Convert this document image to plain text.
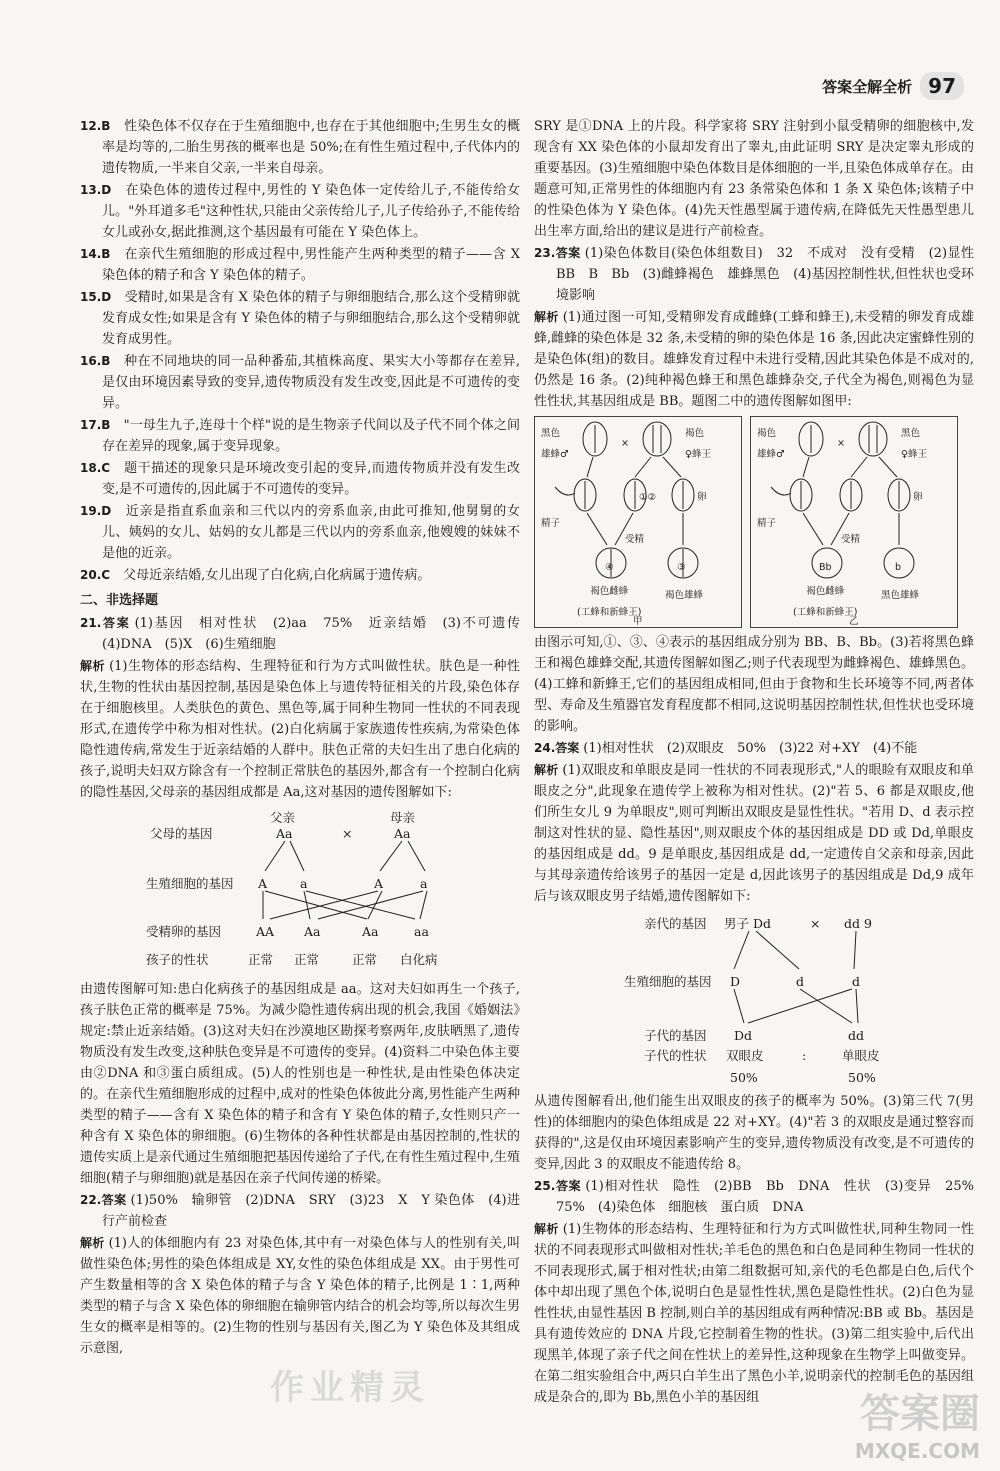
答案全解全析 97

12.B　 性染色体不仅存在于生殖细胞中,也存在于其他细胞中;生男生女的概率是均等的,二胎生男孩的概率也是 50%;在有性生殖过程中,子代体内的遗传物质,一半来自父亲,一半来自母亲。

13.D　 在染色体的遗传过程中,男性的 Y 染色体一定传给儿子,不能传给女儿。"外耳道多毛"这种性状,只能由父亲传给儿子,儿子传给孙子,不能传给女儿或孙女,据此推测,这个基因最有可能在 Y 染色体上。

14.B　 在亲代生殖细胞的形成过程中,男性能产生两种类型的精子——含 X 染色体的精子和含 Y 染色体的精子。

15.D　 受精时,如果是含有 X 染色体的精子与卵细胞结合,那么这个受精卵就发育成女性;如果是含有 Y 染色体的精子与卵细胞结合,那么这个受精卵就发育成男性。

16.B　 种在不同地块的同一品种番茄,其植株高度、果实大小等都存在差异,是仅由环境因素导致的变异,遗传物质没有发生改变,因此是不可遗传的变异。

17.B　 "一母生九子,连母十个样"说的是生物亲子代间以及子代不同个体之间存在差异的现象,属于变异现象。

18.C　 题干描述的现象只是环境改变引起的变异,而遗传物质并没有发生改变,是不可遗传的,因此属于不可遗传的变异。

19.D　 近亲是指直系血亲和三代以内的旁系血亲,由此可推知,他舅舅的女儿、姨妈的女儿、姑妈的女儿都是三代以内的旁系血亲,他嫂嫂的妹妹不是他的近亲。

20.C　 父母近亲结婚,女儿出现了白化病,白化病属于遗传病。

二、非选择题

21.答案 (1)基因　相对性状　(2)aa　75%　近亲结婚　(3)不可遗传　(4)DNA　(5)X　(6)生殖细胞

解析 (1)生物体的形态结构、生理特征和行为方式叫做性状。肤色是一种性状,生物的性状由基因控制,基因是染色体上与遗传特征相关的片段,染色体存在于细胞核里。人类肤色的黄色、黑色等,属于同种生物同一性状的不同表现形式,在遗传学中称为相对性状。(2)白化病属于家族遗传性疾病,为常染色体隐性遗传病,常发生于近亲结婚的人群中。肤色正常的夫妇生出了患白化病的孩子,说明夫妇双方除含有一个控制正常肤色的基因外,都含有一个控制白化病的隐性基因,父母亲的基因组成都是 Aa,这对基因的遗传图解如下:

父亲	母亲
父母的基因	Aa	×	Aa
生殖细胞的基因 A	a	A	a
受精卵的基因	AA Aa	Aa	aa
孩子的性状	正常 正常	正常 白化病

由遗传图解可知:患白化病孩子的基因组成是 aa。这对夫妇如再生一个孩子,孩子肤色正常的概率是 75%。为减少隐性遗传病出现的机会,我国《婚姻法》规定:禁止近亲结婚。(3)这对夫妇在沙漠地区勘探考察两年,皮肤晒黑了,遗传物质没有发生改变,这种肤色变异是不可遗传的变异。(4)资料二中染色体主要由②DNA 和③蛋白质组成。(5)人的性别也是一种性状,是由性染色体决定的。在亲代生殖细胞形成的过程中,成对的性染色体彼此分离,男性能产生两种类型的精子——含有 X 染色体的精子和含有 Y 染色体的精子,女性则只产一种含有 X 染色体的卵细胞。(6)生物体的各种性状都是由基因控制的,性状的遗传实质上是亲代通过生殖细胞把基因传递给了子代,在有性生殖过程中,生殖细胞(精子与卵细胞)就是基因在亲子代间传递的桥梁。

22.答案 (1)50%　输卵管　(2)DNA　SRY　(3)23　X　Y 染色体　(4)进行产前检查

解析 (1)人的体细胞内有 23 对染色体,其中有一对染色体与人的性别有关,叫做性染色体;男性的染色体组成是 XY,女性的染色体组成是 XX。由于男性可产生数量相等的含 X 染色体的精子与含 Y 染色体的精子,比例是 1∶1,两种类型的精子与含 X 染色体的卵细胞在输卵管内结合的机会均等,所以每次生男生女的概率是相等的。(2)生物的性别与基因有关,图乙为 Y 染色体及其组成示意图,

SRY 是①DNA 上的片段。科学家将 SRY 注射到小鼠受精卵的细胞核中,发现含有 XX 染色体的小鼠却发育出了睾丸,由此证明 SRY 是决定睾丸形成的重要基因。(3)生殖细胞中染色体数目是体细胞的一半,且染色体成单存在。由题意可知,正常男性的体细胞内有 23 条常染色体和 1 条 X 染色体;该精子中的性染色体为 Y 染色体。(4)先天性愚型属于遗传病,在降低先天性愚型患儿出生率方面,给出的建议是进行产前检查。

23.答案 (1)染色体数目(染色体组数目)　32　不成对　没有受精　(2)显性　BB　B　Bb　(3)雌蜂褐色　雄蜂黑色　(4)基因控制性状,但性状也受环境影响

解析 (1)通过图一可知,受精卵发育成雌蜂(工蜂和蜂王),未受精的卵发育成雄蜂,雌蜂的染色体是 32 条,未受精的卵的染色体是 16 条,因此决定蜜蜂性别的是染色体(组)的数目。雄蜂发育过程中未进行受精,因此其染色体是不成对的,仍然是 16 条。(2)纯种褐色蜂王和黑色雄蜂杂交,子代全为褐色,则褐色为显性性状,其基因组成是 BB。题图二中的遗传图解如图甲:

黑色
雄蜂♂
×
褐色
♀蜂王
①②	卵
精子
受精
④	③
褐色雌蜂
(工蜂和新蜂王)
褐色雄蜂
甲
褐色
雄蜂♂
×
黑色
♀蜂王
卵
精子
受精
Bb	b
褐色雌蜂
(工蜂和新蜂王)
黑色雄蜂
乙

由图示可知,①、③、④表示的基因组成分别为 BB、B、Bb。(3)若将黑色蜂王和褐色雄蜂交配,其遗传图解如图乙;则子代表现型为雌蜂褐色、雄蜂黑色。(4)工蜂和新蜂王,它们的基因组成相同,但由于食物和生长环境等不同,两者体型、寿命及生殖器官发育程度都不相同,这说明基因控制性状,但性状也受环境的影响。

24.答案 (1)相对性状　(2)双眼皮　50%　(3)22 对+XY　(4)不能

解析 (1)双眼皮和单眼皮是同一性状的不同表现形式,"人的眼睑有双眼皮和单眼皮之分",此现象在遗传学上被称为相对性状。(2)"若 5、6 都是双眼皮,他们所生女儿 9 为单眼皮",则可判断出双眼皮是显性性状。"若用 D、d 表示控制这对性状的显、隐性基因",则双眼皮个体的基因组成是 DD 或 Dd,单眼皮的基因组成是 dd。9 是单眼皮,基因组成是 dd,一定遗传自父亲和母亲,因此与其母亲遗传给该男子的基因一定是 d,因此该男子的基因组成是 Dd,9 成年后与该双眼皮男子结婚,遗传图解如下:

亲代的基因 男子 Dd	× dd 9
生殖细胞的基因 D	d	d
子代的基因 Dd	dd
子代的性状 双眼皮	:	单眼皮
50%	50%

从遗传图解看出,他们能生出双眼皮的孩子的概率为 50%。(3)第三代 7(男性)的体细胞内的染色体组成是 22 对+XY。(4)"若 3 的双眼皮是通过整容而获得的",这是仅由环境因素影响产生的变异,遗传物质没有改变,是不可遗传的变异,因此 3 的双眼皮不能遗传给 8。

25.答案 (1)相对性状　隐性　(2)BB　Bb　DNA　性状　(3)变异　25%　75%　(4)染色体　细胞核　蛋白质　DNA

解析 (1)生物体的形态结构、生理特征和行为方式叫做性状,同种生物同一性状的不同表现形式叫做相对性状;羊毛色的黑色和白色是同种生物同一性状的不同表现形式,属于相对性状;由第二组数据可知,亲代的毛色都是白色,后代个体中却出现了黑色个体,说明白色是显性性状,黑色是隐性性状。(2)白色为显性性状,由显性基因 B 控制,则白羊的基因组成有两种情况:BB 或 Bb。基因是具有遗传效应的 DNA 片段,它控制着生物的性状。(3)第二组实验中,后代出现黑羊,体现了亲子代之间在性状上的差异性,这种现象在生物学上叫做变异。在第二组实验组合中,两只白羊生出了黑色小羊,说明亲代的控制毛色的基因组成是杂合的,即为 Bb,黑色小羊的基因组

作业精灵
答案圈
MXQE.COM
